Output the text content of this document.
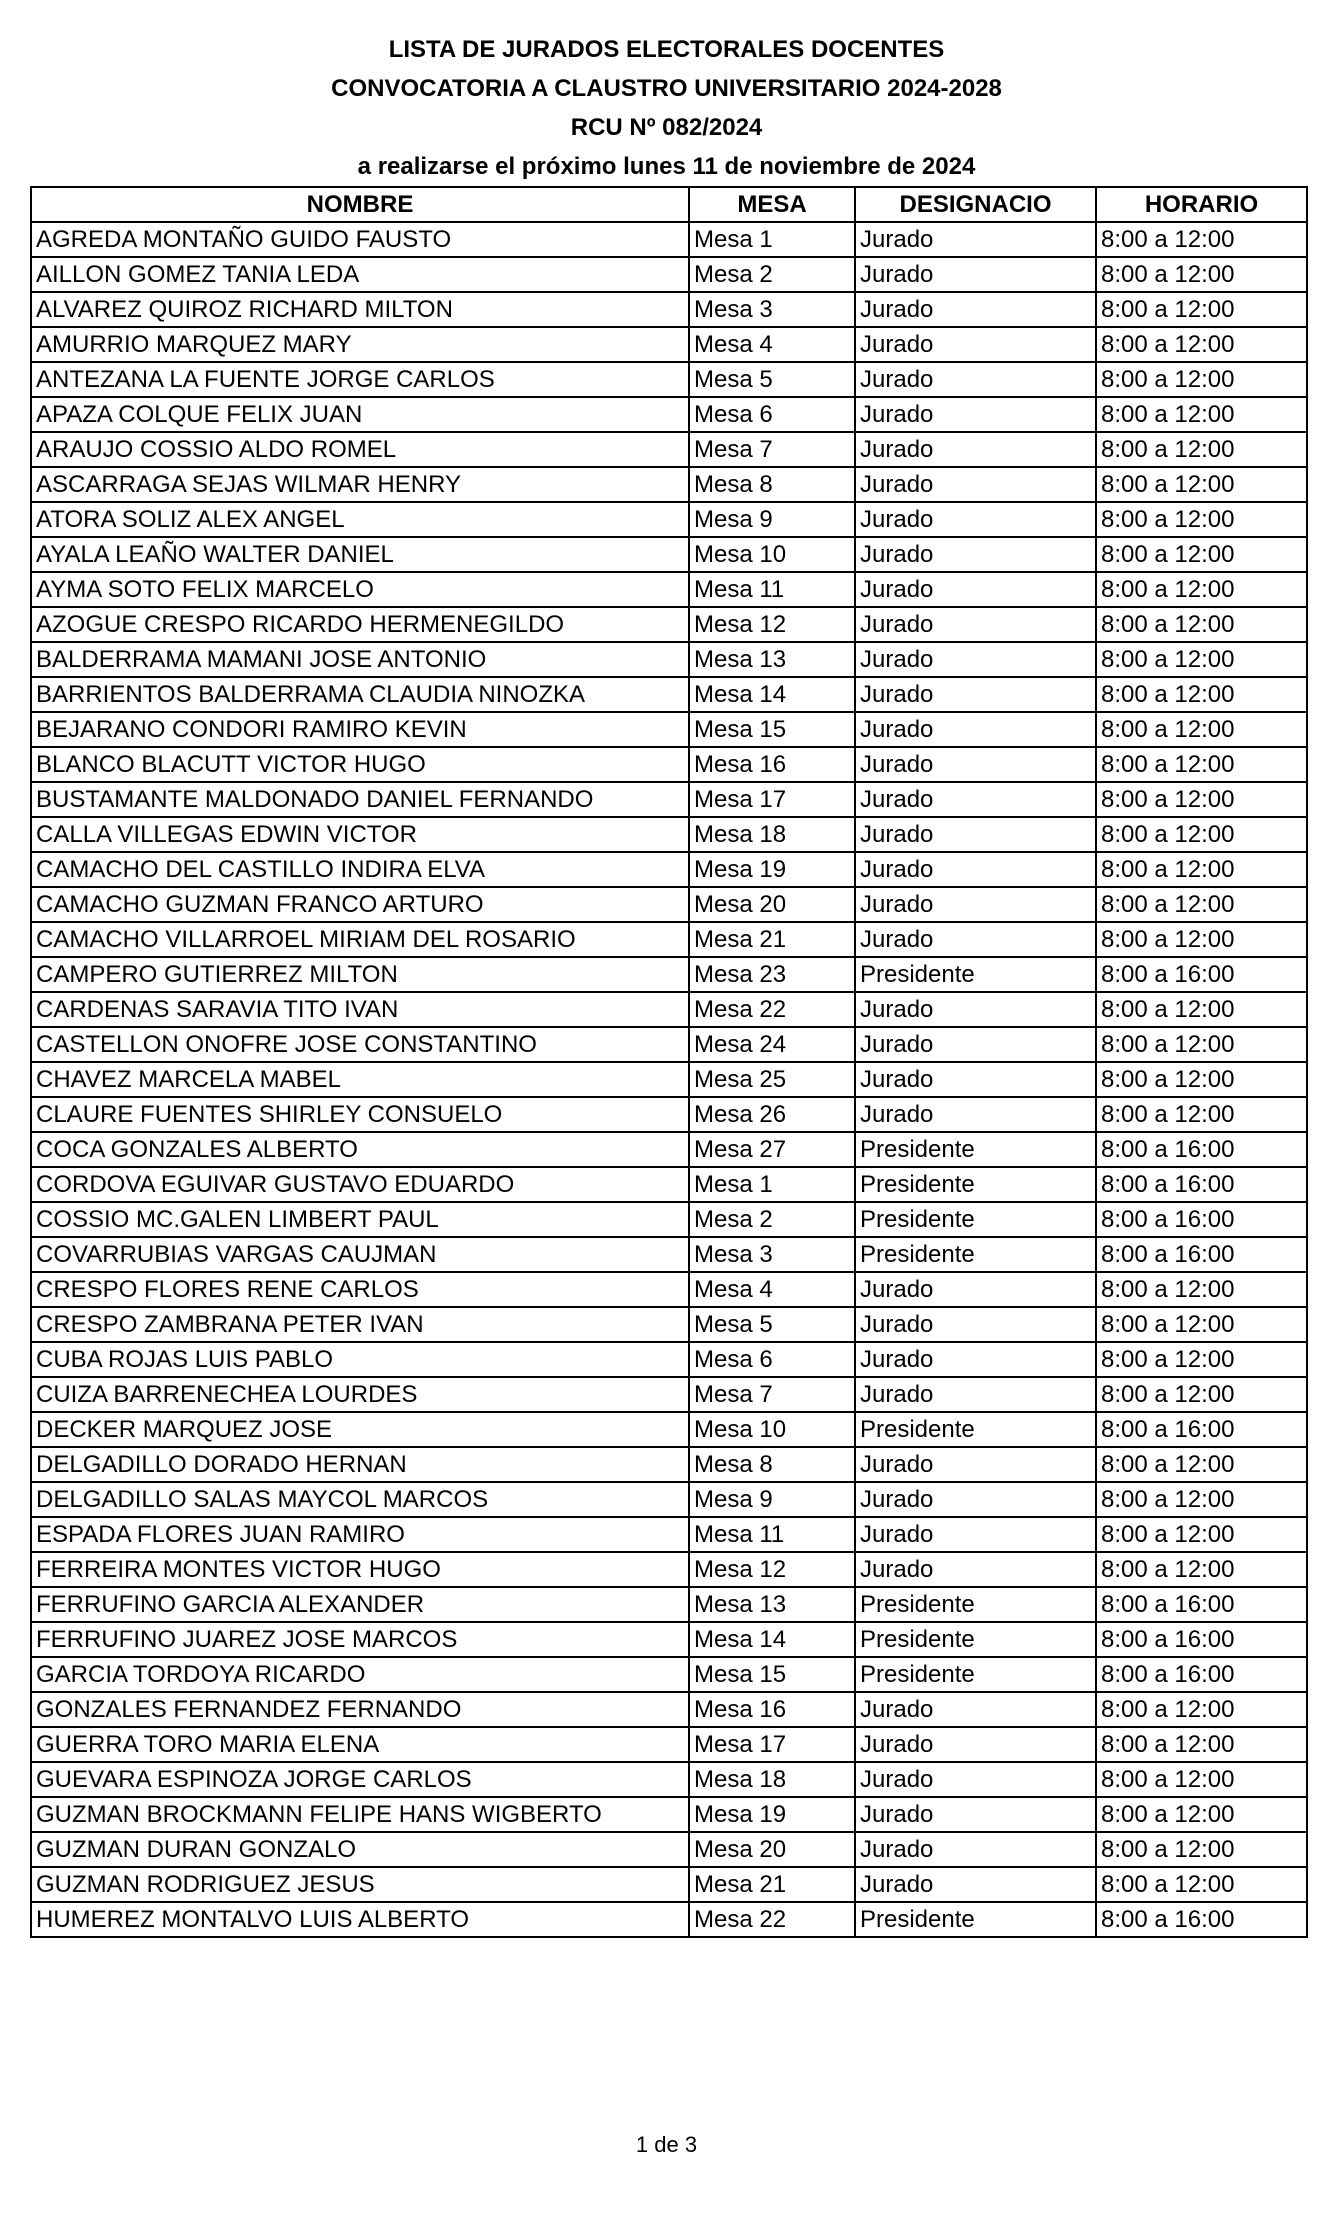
LISTA DE JURADOS ELECTORALES DOCENTES
CONVOCATORIA A CLAUSTRO UNIVERSITARIO 2024-2028
RCU Nº 082/2024
a realizarse el próximo lunes 11 de noviembre de 2024
NOMBRE	MESA	DESIGNACIO	HORARIO
AGREDA MONTAÑO GUIDO FAUSTO	Mesa 1	Jurado	8:00 a 12:00
AILLON GOMEZ TANIA LEDA	Mesa 2	Jurado	8:00 a 12:00
ALVAREZ QUIROZ RICHARD MILTON	Mesa 3	Jurado	8:00 a 12:00
AMURRIO MARQUEZ MARY	Mesa 4	Jurado	8:00 a 12:00
ANTEZANA LA FUENTE JORGE CARLOS	Mesa 5	Jurado	8:00 a 12:00
APAZA COLQUE FELIX JUAN	Mesa 6	Jurado	8:00 a 12:00
ARAUJO COSSIO ALDO ROMEL	Mesa 7	Jurado	8:00 a 12:00
ASCARRAGA SEJAS WILMAR HENRY	Mesa 8	Jurado	8:00 a 12:00
ATORA SOLIZ ALEX ANGEL	Mesa 9	Jurado	8:00 a 12:00
AYALA LEAÑO WALTER DANIEL	Mesa 10	Jurado	8:00 a 12:00
AYMA SOTO FELIX MARCELO	Mesa 11	Jurado	8:00 a 12:00
AZOGUE CRESPO RICARDO HERMENEGILDO	Mesa 12	Jurado	8:00 a 12:00
BALDERRAMA MAMANI JOSE ANTONIO	Mesa 13	Jurado	8:00 a 12:00
BARRIENTOS BALDERRAMA CLAUDIA NINOZKA	Mesa 14	Jurado	8:00 a 12:00
BEJARANO CONDORI RAMIRO KEVIN	Mesa 15	Jurado	8:00 a 12:00
BLANCO BLACUTT VICTOR HUGO	Mesa 16	Jurado	8:00 a 12:00
BUSTAMANTE MALDONADO DANIEL FERNANDO	Mesa 17	Jurado	8:00 a 12:00
CALLA VILLEGAS EDWIN VICTOR	Mesa 18	Jurado	8:00 a 12:00
CAMACHO DEL CASTILLO INDIRA ELVA	Mesa 19	Jurado	8:00 a 12:00
CAMACHO GUZMAN FRANCO ARTURO	Mesa 20	Jurado	8:00 a 12:00
CAMACHO VILLARROEL MIRIAM DEL ROSARIO	Mesa 21	Jurado	8:00 a 12:00
CAMPERO GUTIERREZ MILTON	Mesa 23	Presidente	8:00 a 16:00
CARDENAS SARAVIA TITO IVAN	Mesa 22	Jurado	8:00 a 12:00
CASTELLON ONOFRE JOSE CONSTANTINO	Mesa 24	Jurado	8:00 a 12:00
CHAVEZ MARCELA MABEL	Mesa 25	Jurado	8:00 a 12:00
CLAURE FUENTES SHIRLEY CONSUELO	Mesa 26	Jurado	8:00 a 12:00
COCA GONZALES ALBERTO	Mesa 27	Presidente	8:00 a 16:00
CORDOVA EGUIVAR GUSTAVO EDUARDO	Mesa 1	Presidente	8:00 a 16:00
COSSIO MC.GALEN LIMBERT PAUL	Mesa 2	Presidente	8:00 a 16:00
COVARRUBIAS VARGAS CAUJMAN	Mesa 3	Presidente	8:00 a 16:00
CRESPO FLORES RENE CARLOS	Mesa 4	Jurado	8:00 a 12:00
CRESPO ZAMBRANA PETER IVAN	Mesa 5	Jurado	8:00 a 12:00
CUBA ROJAS LUIS PABLO	Mesa 6	Jurado	8:00 a 12:00
CUIZA BARRENECHEA LOURDES	Mesa 7	Jurado	8:00 a 12:00
DECKER MARQUEZ JOSE	Mesa 10	Presidente	8:00 a 16:00
DELGADILLO DORADO HERNAN	Mesa 8	Jurado	8:00 a 12:00
DELGADILLO SALAS MAYCOL MARCOS	Mesa 9	Jurado	8:00 a 12:00
ESPADA FLORES JUAN RAMIRO	Mesa 11	Jurado	8:00 a 12:00
FERREIRA MONTES VICTOR HUGO	Mesa 12	Jurado	8:00 a 12:00
FERRUFINO GARCIA ALEXANDER	Mesa 13	Presidente	8:00 a 16:00
FERRUFINO JUAREZ JOSE MARCOS	Mesa 14	Presidente	8:00 a 16:00
GARCIA TORDOYA RICARDO	Mesa 15	Presidente	8:00 a 16:00
GONZALES FERNANDEZ FERNANDO	Mesa 16	Jurado	8:00 a 12:00
GUERRA TORO MARIA ELENA	Mesa 17	Jurado	8:00 a 12:00
GUEVARA ESPINOZA JORGE CARLOS	Mesa 18	Jurado	8:00 a 12:00
GUZMAN BROCKMANN FELIPE HANS WIGBERTO	Mesa 19	Jurado	8:00 a 12:00
GUZMAN DURAN GONZALO	Mesa 20	Jurado	8:00 a 12:00
GUZMAN RODRIGUEZ JESUS	Mesa 21	Jurado	8:00 a 12:00
HUMEREZ MONTALVO LUIS ALBERTO	Mesa 22	Presidente	8:00 a 16:00
1 de 3
